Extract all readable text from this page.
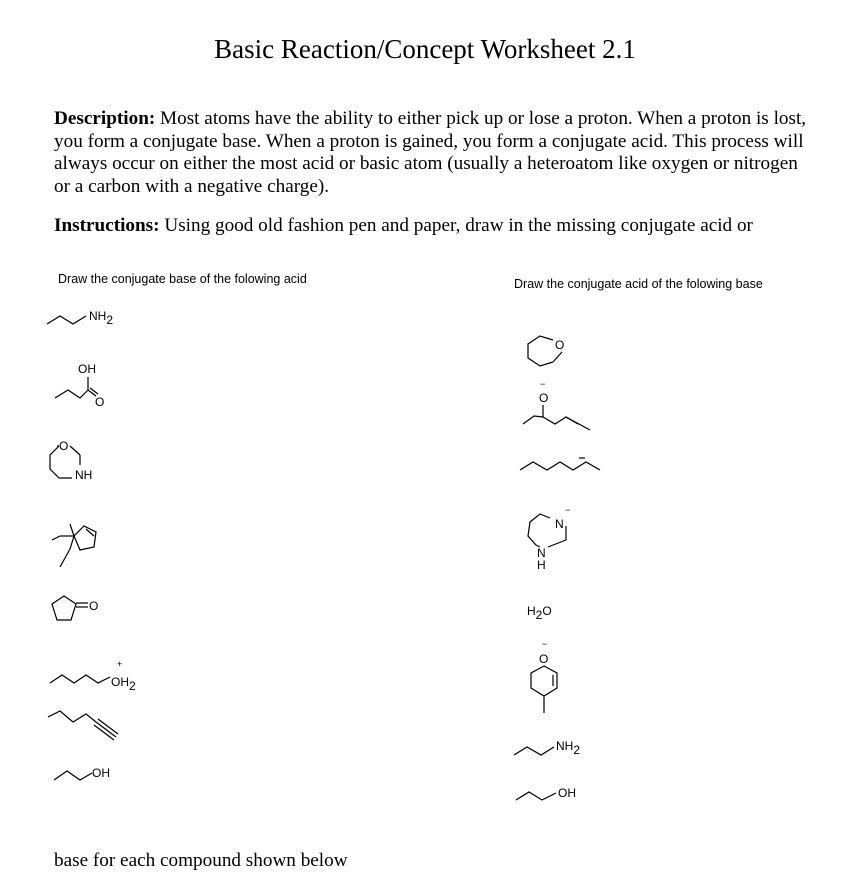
Basic Reaction/Concept Worksheet 2.1
Description: Most atoms have the ability to either pick up or lose a proton. When a proton is lost, you form a conjugate base. When a proton is gained, you form a conjugate acid. This process will always occur on either the most acid or basic atom (usually a heteroatom like oxygen or nitrogen or a carbon with a negative charge).
Instructions: Using good old fashion pen and paper, draw in the missing conjugate acid or
Draw the conjugate base of the folowing acid	Draw the conjugate acid of the folowing base
NH2
OH
O
O
NH
O
+
OH2
OH
O
−
O
−
N
N
H
H2O
−
O
NH2
OH
base for each compound shown below
